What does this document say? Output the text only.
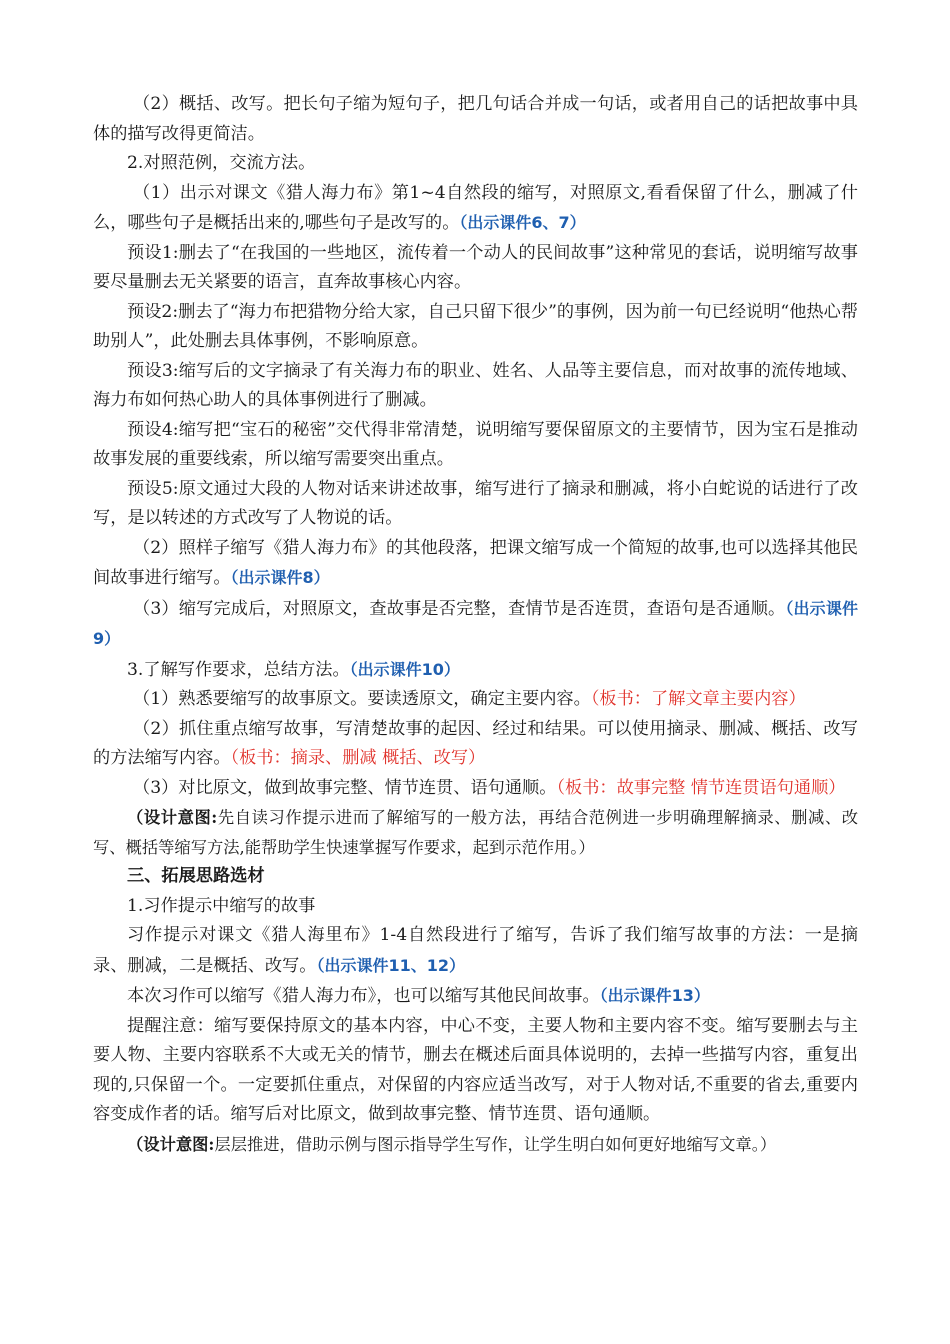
（2）概括、改写。把长句子缩为短句子，把几句话合并成一句话，或者用自己的话把故事中具体的描写改得更简洁。

2.对照范例，交流方法。

（1）出示对课文《猎人海力布》第1~4自然段的缩写，对照原文,看看保留了什么，删减了什么，哪些句子是概括出来的,哪些句子是改写的。（出示课件6、7）

预设1:删去了“在我国的一些地区，流传着一个动人的民间故事”这种常见的套话，说明缩写故事要尽量删去无关紧要的语言，直奔故事核心内容。

预设2:删去了“海力布把猎物分给大家，自己只留下很少”的事例，因为前一句已经说明“他热心帮助别人”，此处删去具体事例，不影响原意。

预设3:缩写后的文字摘录了有关海力布的职业、姓名、人品等主要信息，而对故事的流传地域、海力布如何热心助人的具体事例进行了删减。

预设4:缩写把“宝石的秘密”交代得非常清楚，说明缩写要保留原文的主要情节，因为宝石是推动故事发展的重要线索，所以缩写需要突出重点。

预设5:原文通过大段的人物对话来讲述故事，缩写进行了摘录和删减，将小白蛇说的话进行了改写，是以转述的方式改写了人物说的话。

（2）照样子缩写《猎人海力布》的其他段落，把课文缩写成一个简短的故事,也可以选择其他民间故事进行缩写。（出示课件8）

（3）缩写完成后，对照原文，查故事是否完整，查情节是否连贯，查语句是否通顺。（出示课件9）

3.了解写作要求，总结方法。（出示课件10）

（1）熟悉要缩写的故事原文。要读透原文，确定主要内容。（板书：了解文章主要内容）

（2）抓住重点缩写故事，写清楚故事的起因、经过和结果。可以使用摘录、删减、概括、改写的方法缩写内容。（板书：摘录、删减 概括、改写）

（3）对比原文，做到故事完整、情节连贯、语句通顺。（板书：故事完整 情节连贯语句通顺）

（设计意图:先自读习作提示进而了解缩写的一般方法，再结合范例进一步明确理解摘录、删减、改写、概括等缩写方法,能帮助学生快速掌握写作要求，起到示范作用。）

三、拓展思路选材

1.习作提示中缩写的故事

习作提示对课文《猎人海里布》1-4自然段进行了缩写，告诉了我们缩写故事的方法：一是摘录、删减，二是概括、改写。（出示课件11、12）

本次习作可以缩写《猎人海力布》，也可以缩写其他民间故事。（出示课件13）

提醒注意：缩写要保持原文的基本内容，中心不变，主要人物和主要内容不变。缩写要删去与主要人物、主要内容联系不大或无关的情节，删去在概述后面具体说明的，去掉一些描写内容，重复出现的,只保留一个。一定要抓住重点，对保留的内容应适当改写，对于人物对话,不重要的省去,重要内容变成作者的话。缩写后对比原文，做到故事完整、情节连贯、语句通顺。

（设计意图:层层推进，借助示例与图示指导学生写作，让学生明白如何更好地缩写文章。）
